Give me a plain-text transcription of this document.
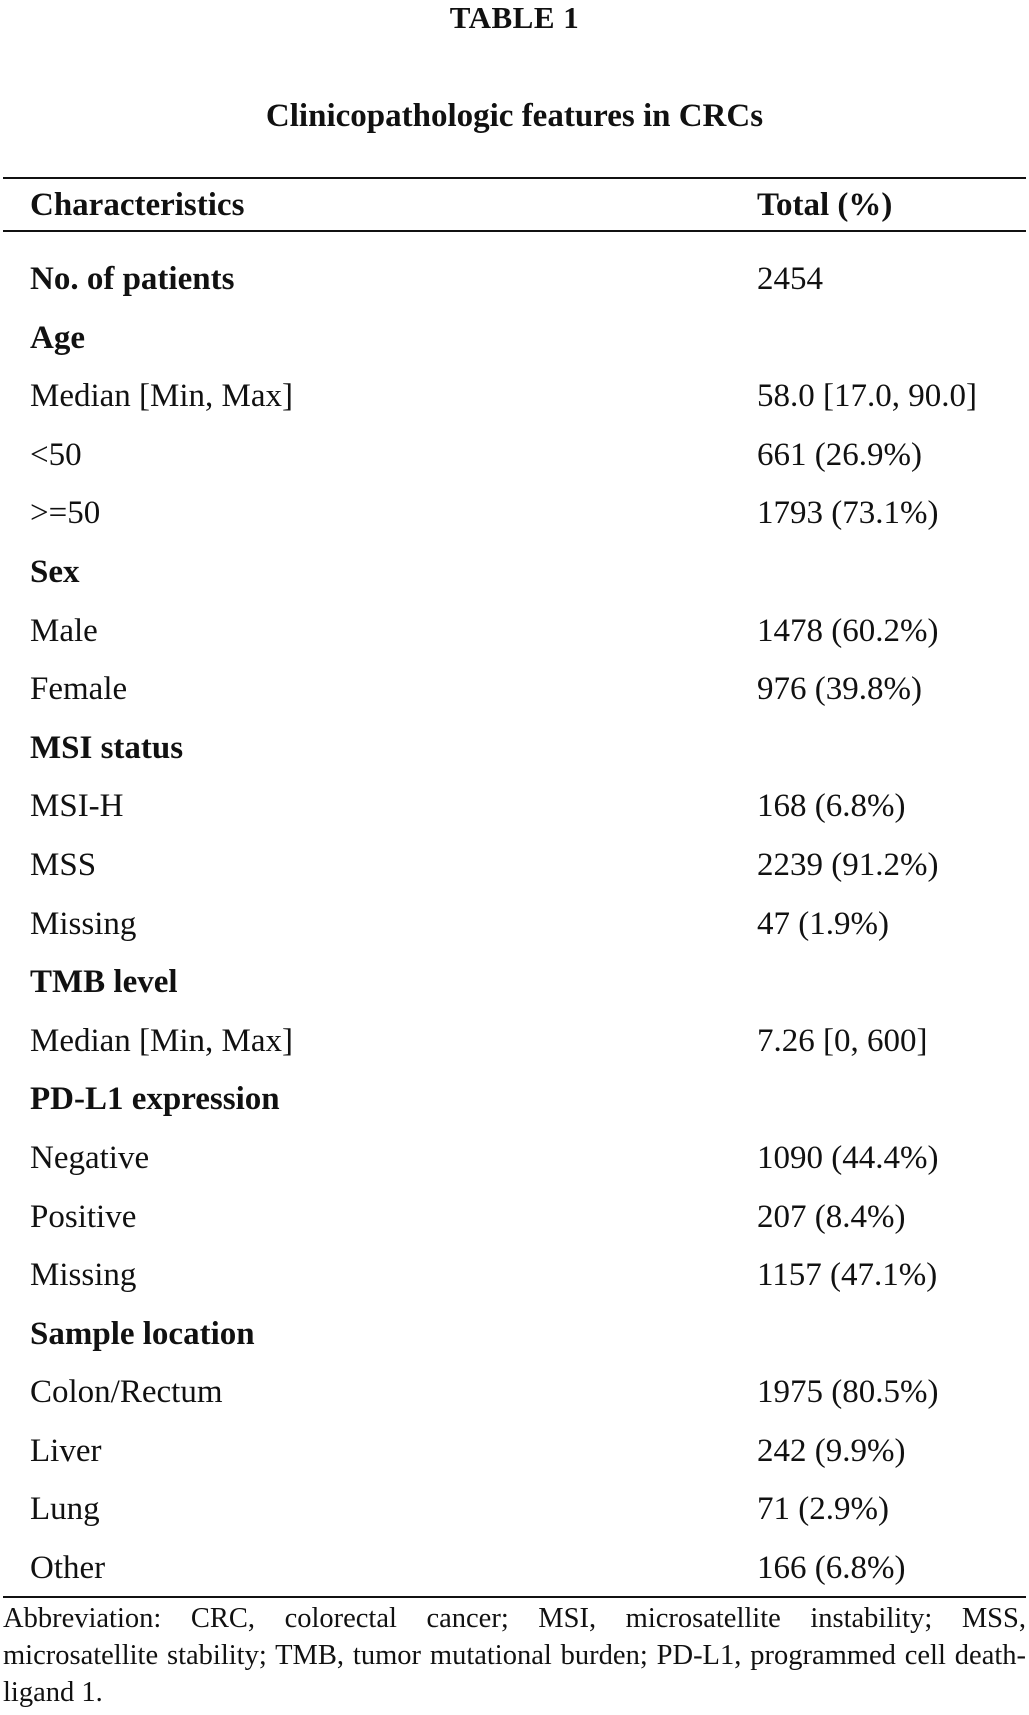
TABLE 1
Clinicopathologic features in CRCs
Characteristics	Total (%)
No. of patients	2454
Age
Median [Min, Max]	58.0 [17.0, 90.0]
<50	661 (26.9%)
>=50	1793 (73.1%)
Sex
Male	1478 (60.2%)
Female	976 (39.8%)
MSI status
MSI-H	168 (6.8%)
MSS	2239 (91.2%)
Missing	47 (1.9%)
TMB level
Median [Min, Max]	7.26 [0, 600]
PD-L1 expression
Negative	1090 (44.4%)
Positive	207 (8.4%)
Missing	1157 (47.1%)
Sample location
Colon/Rectum	1975 (80.5%)
Liver	242 (9.9%)
Lung	71 (2.9%)
Other	166 (6.8%)
Abbreviation: CRC, colorectal cancer; MSI, microsatellite instability; MSS, microsatellite stability; TMB, tumor mutational burden; PD-L1, programmed cell death-ligand 1.
